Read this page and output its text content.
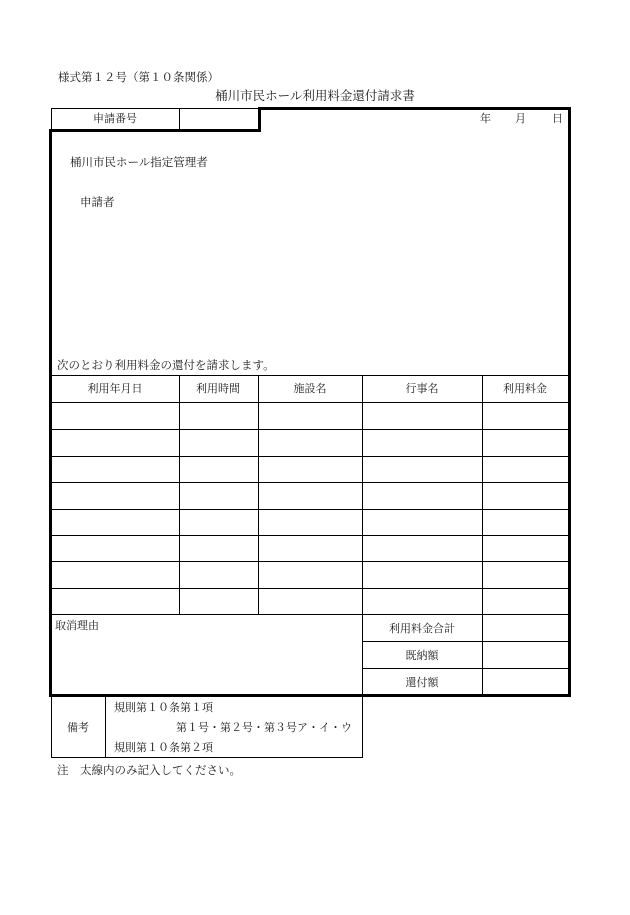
様式第１２号（第１０条関係）
桶川市民ホール利用料金還付請求書
申請番号	年 月 日
桶川市民ホール指定管理者
申請者
次のとおり利用料金の還付を請求します。
利用年月日	利用時間	施設名	行事名	利用料金
取消理由	利用料金合計
既納額
還付額
備考
規則第１０条第１項
第１号・第２号・第３号ア・イ・ウ
規則第１０条第２項
注　太線内のみ記入してください。
